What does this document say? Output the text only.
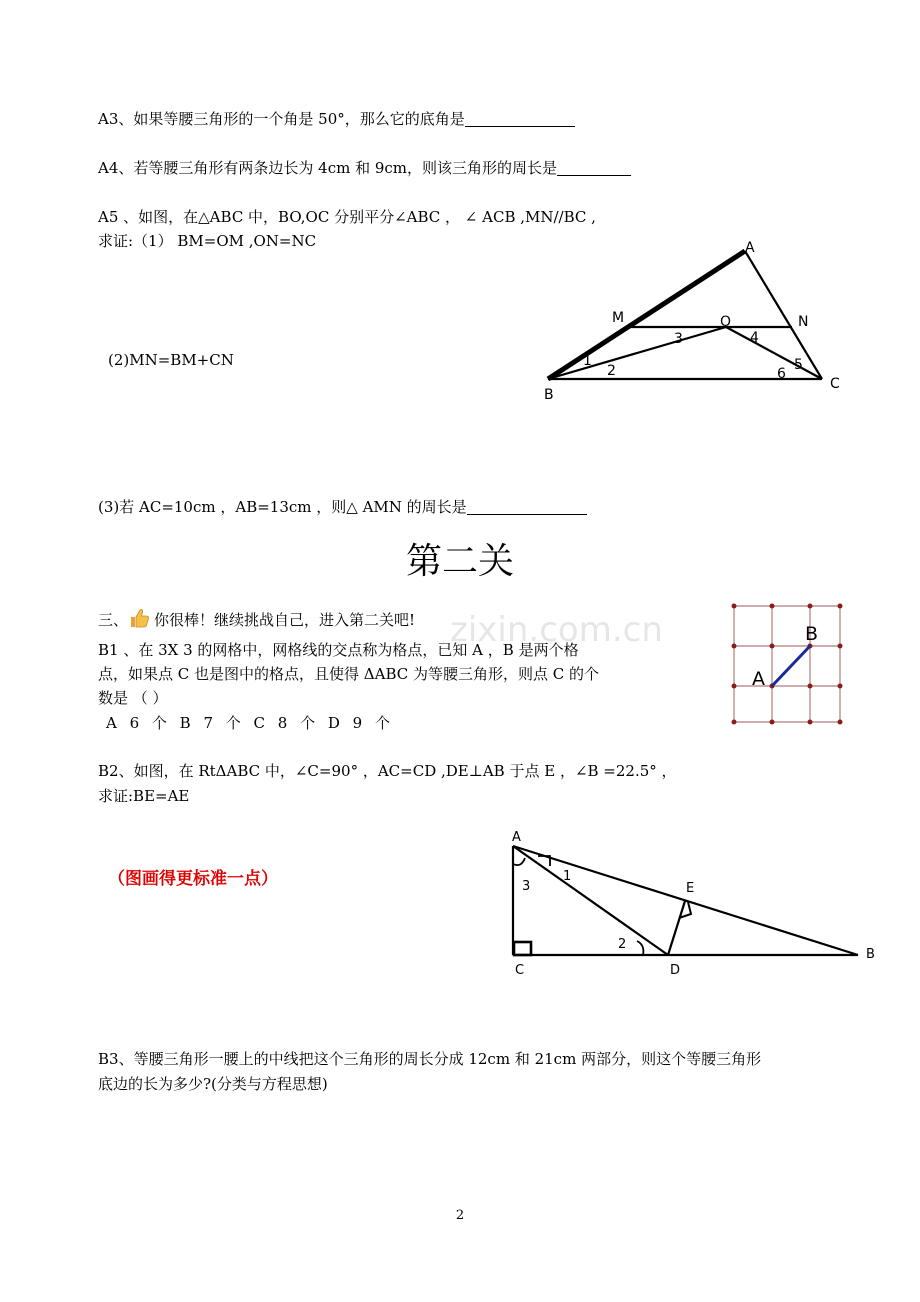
A3、如果等腰三角形的一个角是 50°，那么它的底角是
A4、若等腰三角形有两条边长为 4cm 和 9cm，则该三角形的周长是
A5 、如图，在△ABC 中，BO,OC 分别平分∠ABC ， ∠ ACB ,MN//BC ,
求证:（1） BM=OM ,ON=NC
(2)MN=BM+CN
(3)若 AC=10cm ，AB=13cm ，则△ AMN 的周长是
A
B
C
M	N
O
1
2
3	4
5
6
第二关
zixin.com.cn
三、 你很棒！继续挑战自己，进入第二关吧!
B1 、在 3X 3 的网格中，网格线的交点称为格点，已知 A ，B 是两个格
点，如果点 C 也是图中的格点，且使得 ΔABC 为等腰三角形，则点 C 的个
数是 （ ）
A 6 个 B 7 个 C 8 个 D 9 个
A
B
B2、如图，在 RtΔABC 中，∠C=90° ，AC=CD ,DE⊥AB 于点 E ，∠B =22.5° ，
求证:BE=AE
（图画得更标准一点）
A
B
C	D
E
1
2
3
B3、等腰三角形一腰上的中线把这个三角形的周长分成 12cm 和 21cm 两部分，则这个等腰三角形
底边的长为多少?(分类与方程思想)
2
